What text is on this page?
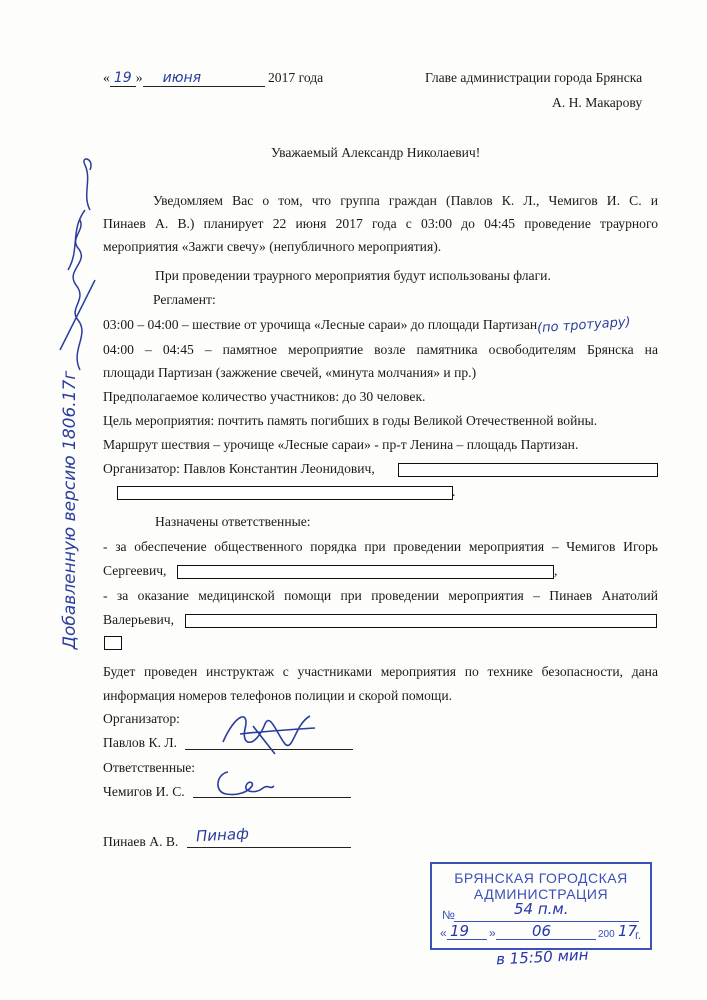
« 19 » июня	2017 года	Главе администрации города Брянска
А. Н. Макарову
Уважаемый Александр Николаевич!
Уведомляем Вас о том, что группа граждан (Павлов К. Л., Чемигов И. С. и
Пинаев А. В.) планирует 22 июня 2017 года с 03:00 до 04:45 проведение траурного
мероприятия «Зажги свечу» (непубличного мероприятия).
При проведении траурного мероприятия будут использованы флаги.
Регламент:
03:00 – 04:00 – шествие от урочища «Лесные сараи» до площади Партизан(по тротуару)
04:00 – 04:45 – памятное мероприятие возле памятника освободителям Брянска на
площади Партизан (зажжение свечей, «минута молчания» и пр.)
Предполагаемое количество участников: до 30 человек.
Цель мероприятия: почтить память погибших в годы Великой Отечественной войны.
Маршрут шествия – урочище «Лесные сараи» - пр-т Ленина – площадь Партизан.
Организатор: Павлов Константин Леонидович,
.
Назначены ответственные:
- за обеспечение общественного порядка при проведении мероприятия – Чемигов Игорь
Сергеевич,	,
- за оказание медицинской помощи при проведении мероприятия – Пинаев Анатолий
Валерьевич,
Будет проведен инструктаж с участниками мероприятия по технике безопасности, дана
информация номеров телефонов полиции и скорой помощи.
Организатор:
Павлов К. Л.
Ответственные:
Чемигов И. С.
Пинаев А. В. Пинаф
Добавленную версию 1806.17г
БРЯНСКАЯ ГОРОДСКАЯ
АДМИНИСТРАЦИЯ
№	54 п.м.
« 19 » 06	200 17
г.
в 15:50 мин
